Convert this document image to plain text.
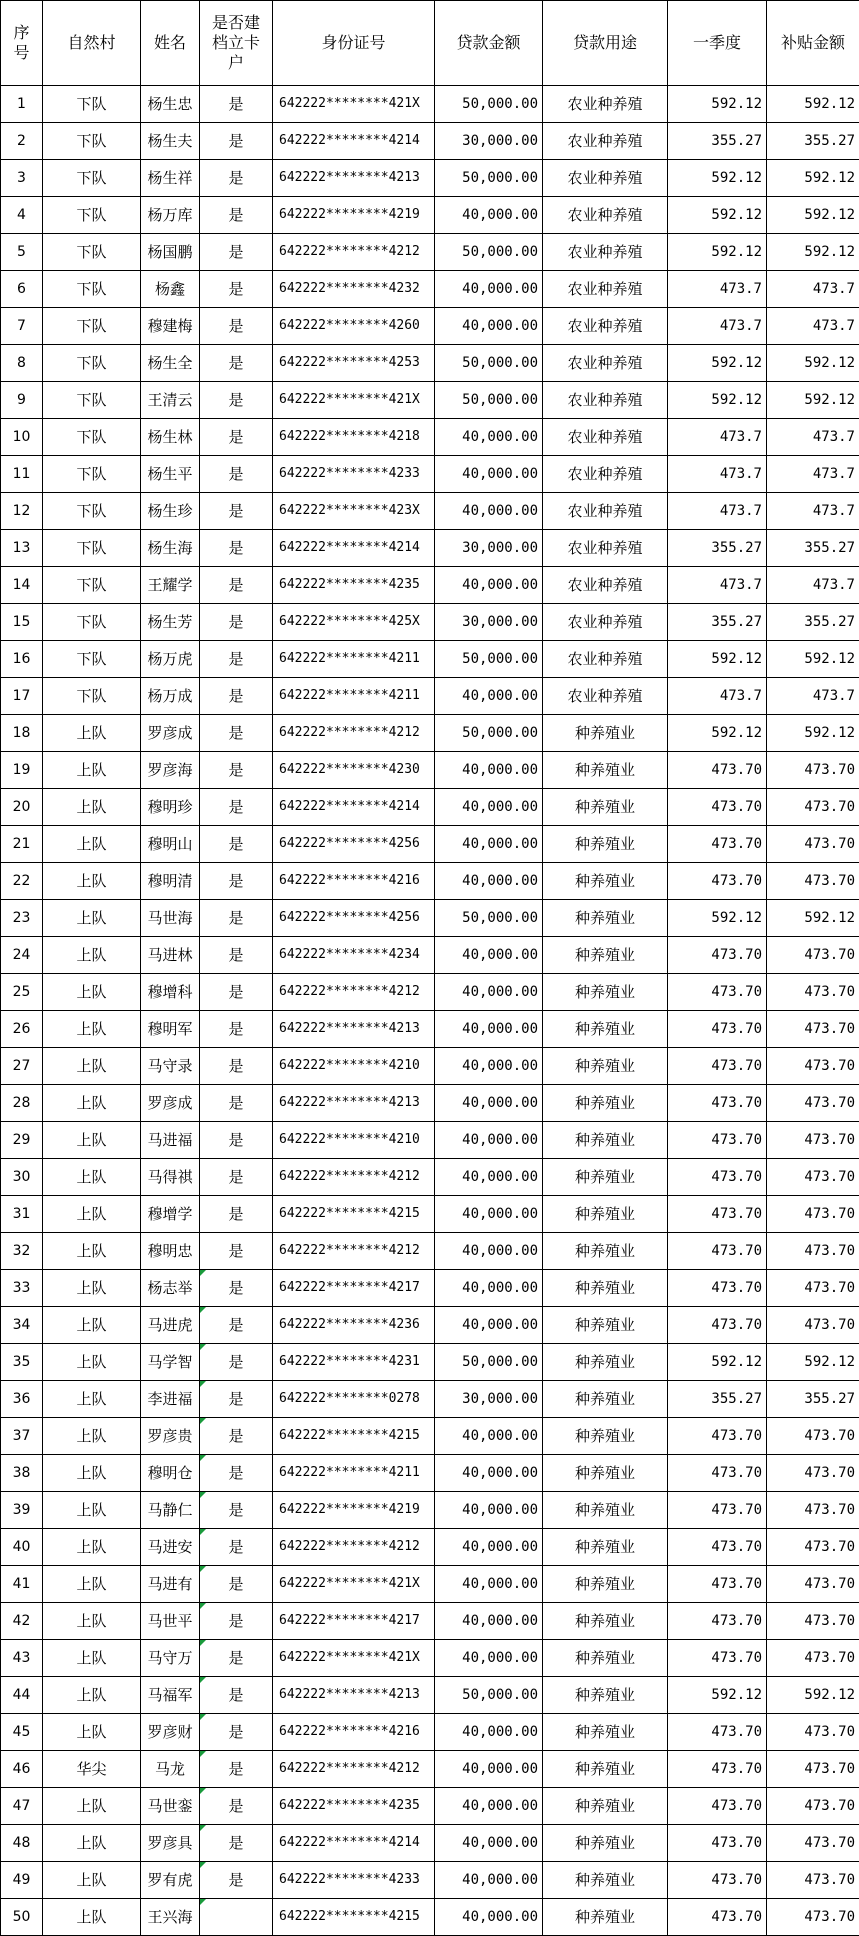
序号	自然村	姓名	是否建档立卡户	身份证号	贷款金额	贷款用途	一季度	补贴金额
1	下队	杨生忠	是	642222********421X	50,000.00	农业种养殖	592.12	592.12
2	下队	杨生夫	是	642222********4214	30,000.00	农业种养殖	355.27	355.27
3	下队	杨生祥	是	642222********4213	50,000.00	农业种养殖	592.12	592.12
4	下队	杨万库	是	642222********4219	40,000.00	农业种养殖	592.12	592.12
5	下队	杨国鹏	是	642222********4212	50,000.00	农业种养殖	592.12	592.12
6	下队	杨鑫	是	642222********4232	40,000.00	农业种养殖	473.7	473.7
7	下队	穆建梅	是	642222********4260	40,000.00	农业种养殖	473.7	473.7
8	下队	杨生全	是	642222********4253	50,000.00	农业种养殖	592.12	592.12
9	下队	王清云	是	642222********421X	50,000.00	农业种养殖	592.12	592.12
10	下队	杨生林	是	642222********4218	40,000.00	农业种养殖	473.7	473.7
11	下队	杨生平	是	642222********4233	40,000.00	农业种养殖	473.7	473.7
12	下队	杨生珍	是	642222********423X	40,000.00	农业种养殖	473.7	473.7
13	下队	杨生海	是	642222********4214	30,000.00	农业种养殖	355.27	355.27
14	下队	王耀学	是	642222********4235	40,000.00	农业种养殖	473.7	473.7
15	下队	杨生芳	是	642222********425X	30,000.00	农业种养殖	355.27	355.27
16	下队	杨万虎	是	642222********4211	50,000.00	农业种养殖	592.12	592.12
17	下队	杨万成	是	642222********4211	40,000.00	农业种养殖	473.7	473.7
18	上队	罗彦成	是	642222********4212	50,000.00	种养殖业	592.12	592.12
19	上队	罗彦海	是	642222********4230	40,000.00	种养殖业	473.70	473.70
20	上队	穆明珍	是	642222********4214	40,000.00	种养殖业	473.70	473.70
21	上队	穆明山	是	642222********4256	40,000.00	种养殖业	473.70	473.70
22	上队	穆明清	是	642222********4216	40,000.00	种养殖业	473.70	473.70
23	上队	马世海	是	642222********4256	50,000.00	种养殖业	592.12	592.12
24	上队	马进林	是	642222********4234	40,000.00	种养殖业	473.70	473.70
25	上队	穆增科	是	642222********4212	40,000.00	种养殖业	473.70	473.70
26	上队	穆明军	是	642222********4213	40,000.00	种养殖业	473.70	473.70
27	上队	马守录	是	642222********4210	40,000.00	种养殖业	473.70	473.70
28	上队	罗彦成	是	642222********4213	40,000.00	种养殖业	473.70	473.70
29	上队	马进福	是	642222********4210	40,000.00	种养殖业	473.70	473.70
30	上队	马得祺	是	642222********4212	40,000.00	种养殖业	473.70	473.70
31	上队	穆增学	是	642222********4215	40,000.00	种养殖业	473.70	473.70
32	上队	穆明忠	是	642222********4212	40,000.00	种养殖业	473.70	473.70
33	上队	杨志举	是	642222********4217	40,000.00	种养殖业	473.70	473.70
34	上队	马进虎	是	642222********4236	40,000.00	种养殖业	473.70	473.70
35	上队	马学智	是	642222********4231	50,000.00	种养殖业	592.12	592.12
36	上队	李进福	是	642222********0278	30,000.00	种养殖业	355.27	355.27
37	上队	罗彦贵	是	642222********4215	40,000.00	种养殖业	473.70	473.70
38	上队	穆明仓	是	642222********4211	40,000.00	种养殖业	473.70	473.70
39	上队	马静仁	是	642222********4219	40,000.00	种养殖业	473.70	473.70
40	上队	马进安	是	642222********4212	40,000.00	种养殖业	473.70	473.70
41	上队	马进有	是	642222********421X	40,000.00	种养殖业	473.70	473.70
42	上队	马世平	是	642222********4217	40,000.00	种养殖业	473.70	473.70
43	上队	马守万	是	642222********421X	40,000.00	种养殖业	473.70	473.70
44	上队	马福军	是	642222********4213	50,000.00	种养殖业	592.12	592.12
45	上队	罗彦财	是	642222********4216	40,000.00	种养殖业	473.70	473.70
46	华尖	马龙	是	642222********4212	40,000.00	种养殖业	473.70	473.70
47	上队	马世銮	是	642222********4235	40,000.00	种养殖业	473.70	473.70
48	上队	罗彦具	是	642222********4214	40,000.00	种养殖业	473.70	473.70
49	上队	罗有虎	是	642222********4233	40,000.00	种养殖业	473.70	473.70
50	上队	王兴海		642222********4215	40,000.00	种养殖业	473.70	473.70
